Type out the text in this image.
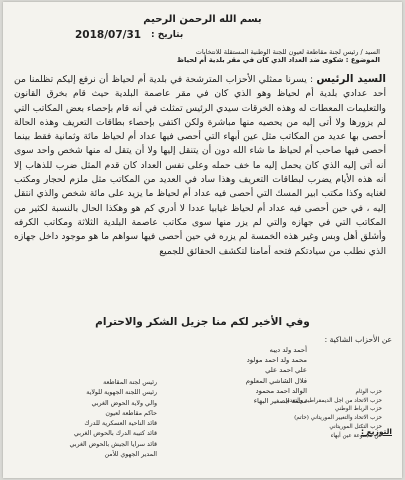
بسم الله الرحمن الرحيم
2018/07/31 بتاريخ :
السيد / رئيس لجنة مقاطعة لعيون للجنة الوطنية المستقلة للانتخابات
الموضوع : شكوى ضد العداد الذي كان في مقر بلدية أم لحياظ
السيد الرئيس : يسرنا ممثلي الأحزاب المترشحة في بلدية أم لحياظ أن نرفع إليكم تظلمنا من أحد عدادي بلدية أم لحياظ وهو الذي كان في مقر عاصمة البلدية حيث قام بخرق القانون والتعليمات المعطات له وهذه الخرقات سيدي الرئيس تمثلت في أنه قام بإحصاء بعض المكاتب التي لم يزورها ولا أتى إليه من يحصيه منها مباشرة ولكن اكتفى بإحصاء بطاقات التعريف وهذه الحالة أحصى بها عديد من المكاتب مثل عين أبهاء التي أحصى فيها عداد أم لحياظ مائة وثمانية فقط بينما أحصى فيها صاحب أم لحياظ ما شاء الله دون أن يتنقل إليها ولا أن يتقل له منها شخص واحد سوى أنه أتى إليه الذي كان يحمل إليه ما خف حمله وعلى نفس العداد كان قدم المثل ضرب للذهاب إلا أنه هذه الأيام يضرب لبطاقات التعريف وهذا ساد في العديد من المكاتب مثل ملزم لحجار ومكتب لغنايه وكذا مكتب ابير المسك التي أحصى فيه عداد أم لحياظ ما يزيد على مائة شخص والذي انتقل إليه ، في حين أحصى فيه عداد أم لحياظ غيابيا عددا لا أدري كم هو وهكذا الحال بالنسبة لكثير من المكاتب التي في جهازه والتي لم يزر منها سوى مكاتب عاصمة البلدية الثلاثة ومكاتب الكرفه وأشلق أهل وبس وغير هذه الخمسة لم يزره في حين أحصى فيها سواهم ما هو موجود داخل جهازه الذي نطلب من سيادتكم فتحه أمامنا لتكشف الحقائق للجميع
وفي الأخير لكم منا جزيل الشكر والاحترام
عن الأحزاب الشاكية :
أحمد ولد ديبه
محمد ولد احمد مولود
علي احمد علي
فلال الشاشي المعلوم
الوالد احمد محمود
محمد الصغير البهاء
حزب الوئام
حزب الاتحاد من اجل الديمقراطية والتقدم
حزب الرباط الوطني
حزب الاتحاد والتغيير الموريتاني (حاتم)
حزب التكتل الموريتاني
عن مجموعة عين أبهاء
التوزيع :
رئيس لجنة المقاطعة
رئيس اللجنة الجهوية للولاية
والي ولاية الحوض الغربي
حاكم مقاطعة لعيون
قائد الناحية العسكرية للدرك
قائد كتيبة الدرك بالحوض الغربي
قائد سرايا الجيش بالحوض الغربي
المدير الجهوي للأمن
